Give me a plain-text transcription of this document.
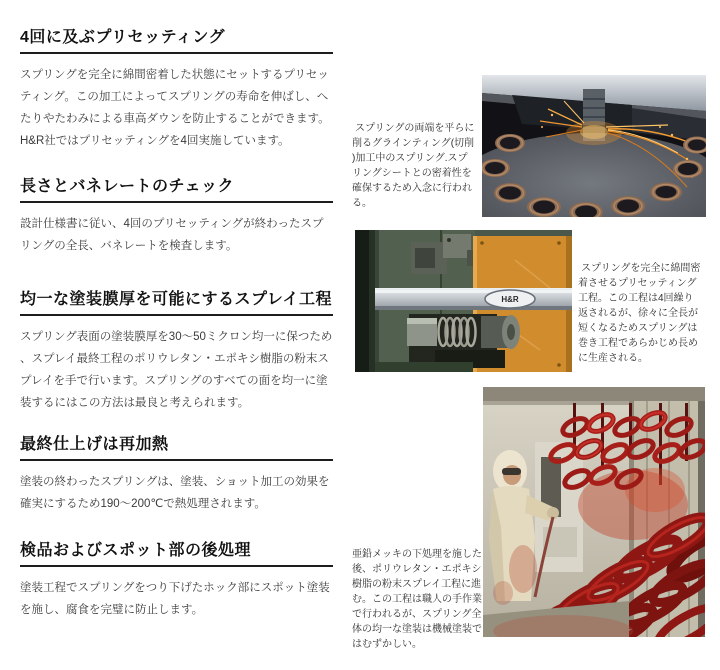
4回に及ぶプリセッティング

スプリングを完全に綿間密着した状態にセットするプリセッティング。この加工によってスプリングの寿命を伸ばし、へたりやたわみによる車高ダウンを防止することができます。H&R社ではプリセッティングを4回実施しています。

長さとバネレートのチェック

設計仕様書に従い、4回のプリセッティングが終わったスプリングの全長、バネレートを検査します。

均一な塗装膜厚を可能にするスプレイ工程

スプリング表面の塗装膜厚を30〜50ミクロン均一に保つため、スプレイ最終工程のポリウレタン・エポキシ樹脂の粉末スプレイを手で行います。スプリングのすべての面を均一に塗装するにはこの方法は最良と考えられます。

最終仕上げは再加熱

塗装の終わったスプリングは、塗装、ショット加工の効果を確実にするため190〜200℃で熱処理されます。

検品およびスポット部の後処理

塗装工程でスプリングをつり下げたホック部にスポット塗装を施し、腐食を完璧に防止します。

スプリングの両端を平らに削るグラインティング(切削)加工中のスプリング.スプリングシートとの密着性を確保するため入念に行われる。
スプリングを完全に綿間密着させるプリセッティング工程。この工程は4回繰り返されるが、徐々に全長が短くなるためスプリングは巻き工程であらかじめ長めに生産される。
亜鉛メッキの下処理を施した後、ポリウレタン・エポキシ樹脂の粉末スプレイ工程に進む。この工程は職人の手作業で行われるが、スプリング全体の均一な塗装は機械塗装ではむずかしい。
H&R
